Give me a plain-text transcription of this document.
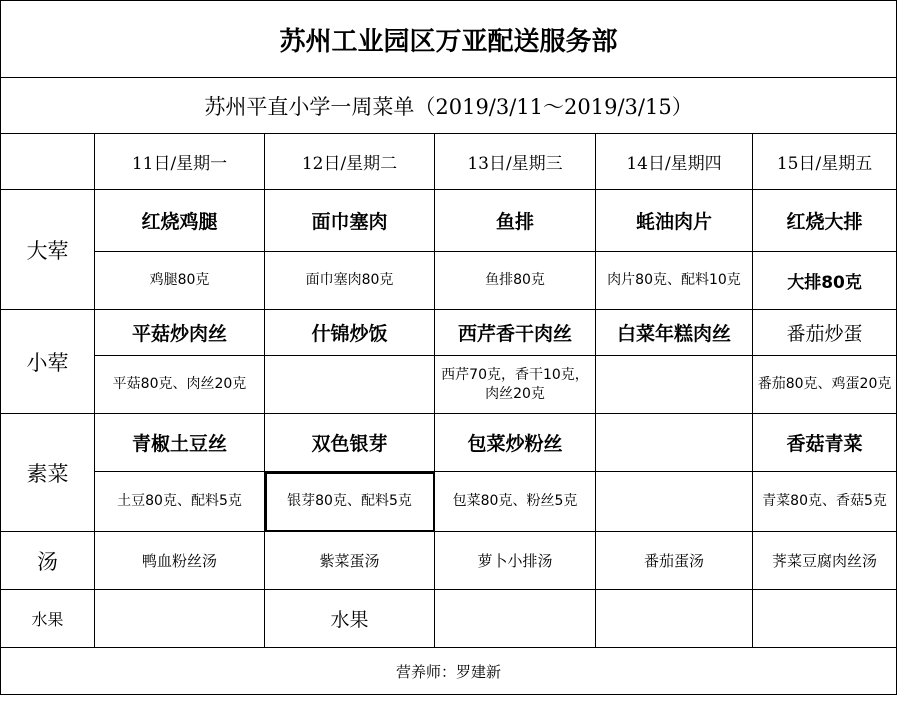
苏州工业园区万亚配送服务部					
苏州平直小学一周菜单（2019/3/11～2019/3/15）					
	11日/星期一	12日/星期二	13日/星期三	14日/星期四	15日/星期五
大荤	红烧鸡腿	面巾塞肉	鱼排	蚝油肉片	红烧大排
	鸡腿80克	面巾塞肉80克	鱼排80克	肉片80克、配料10克	大排80克
小荤	平菇炒肉丝	什锦炒饭	西芹香干肉丝	白菜年糕肉丝	番茄炒蛋
	平菇80克、肉丝20克		西芹70克，香干10克，肉丝20克		番茄80克、鸡蛋20克
素菜	青椒土豆丝	双色银芽	包菜炒粉丝		香菇青菜
	土豆80克、配料5克	银芽80克、配料5克	包菜80克、粉丝5克		青菜80克、香菇5克
汤	鸭血粉丝汤	紫菜蛋汤	萝卜小排汤	番茄蛋汤	荠菜豆腐肉丝汤
水果		水果			
营养师：罗建新					
